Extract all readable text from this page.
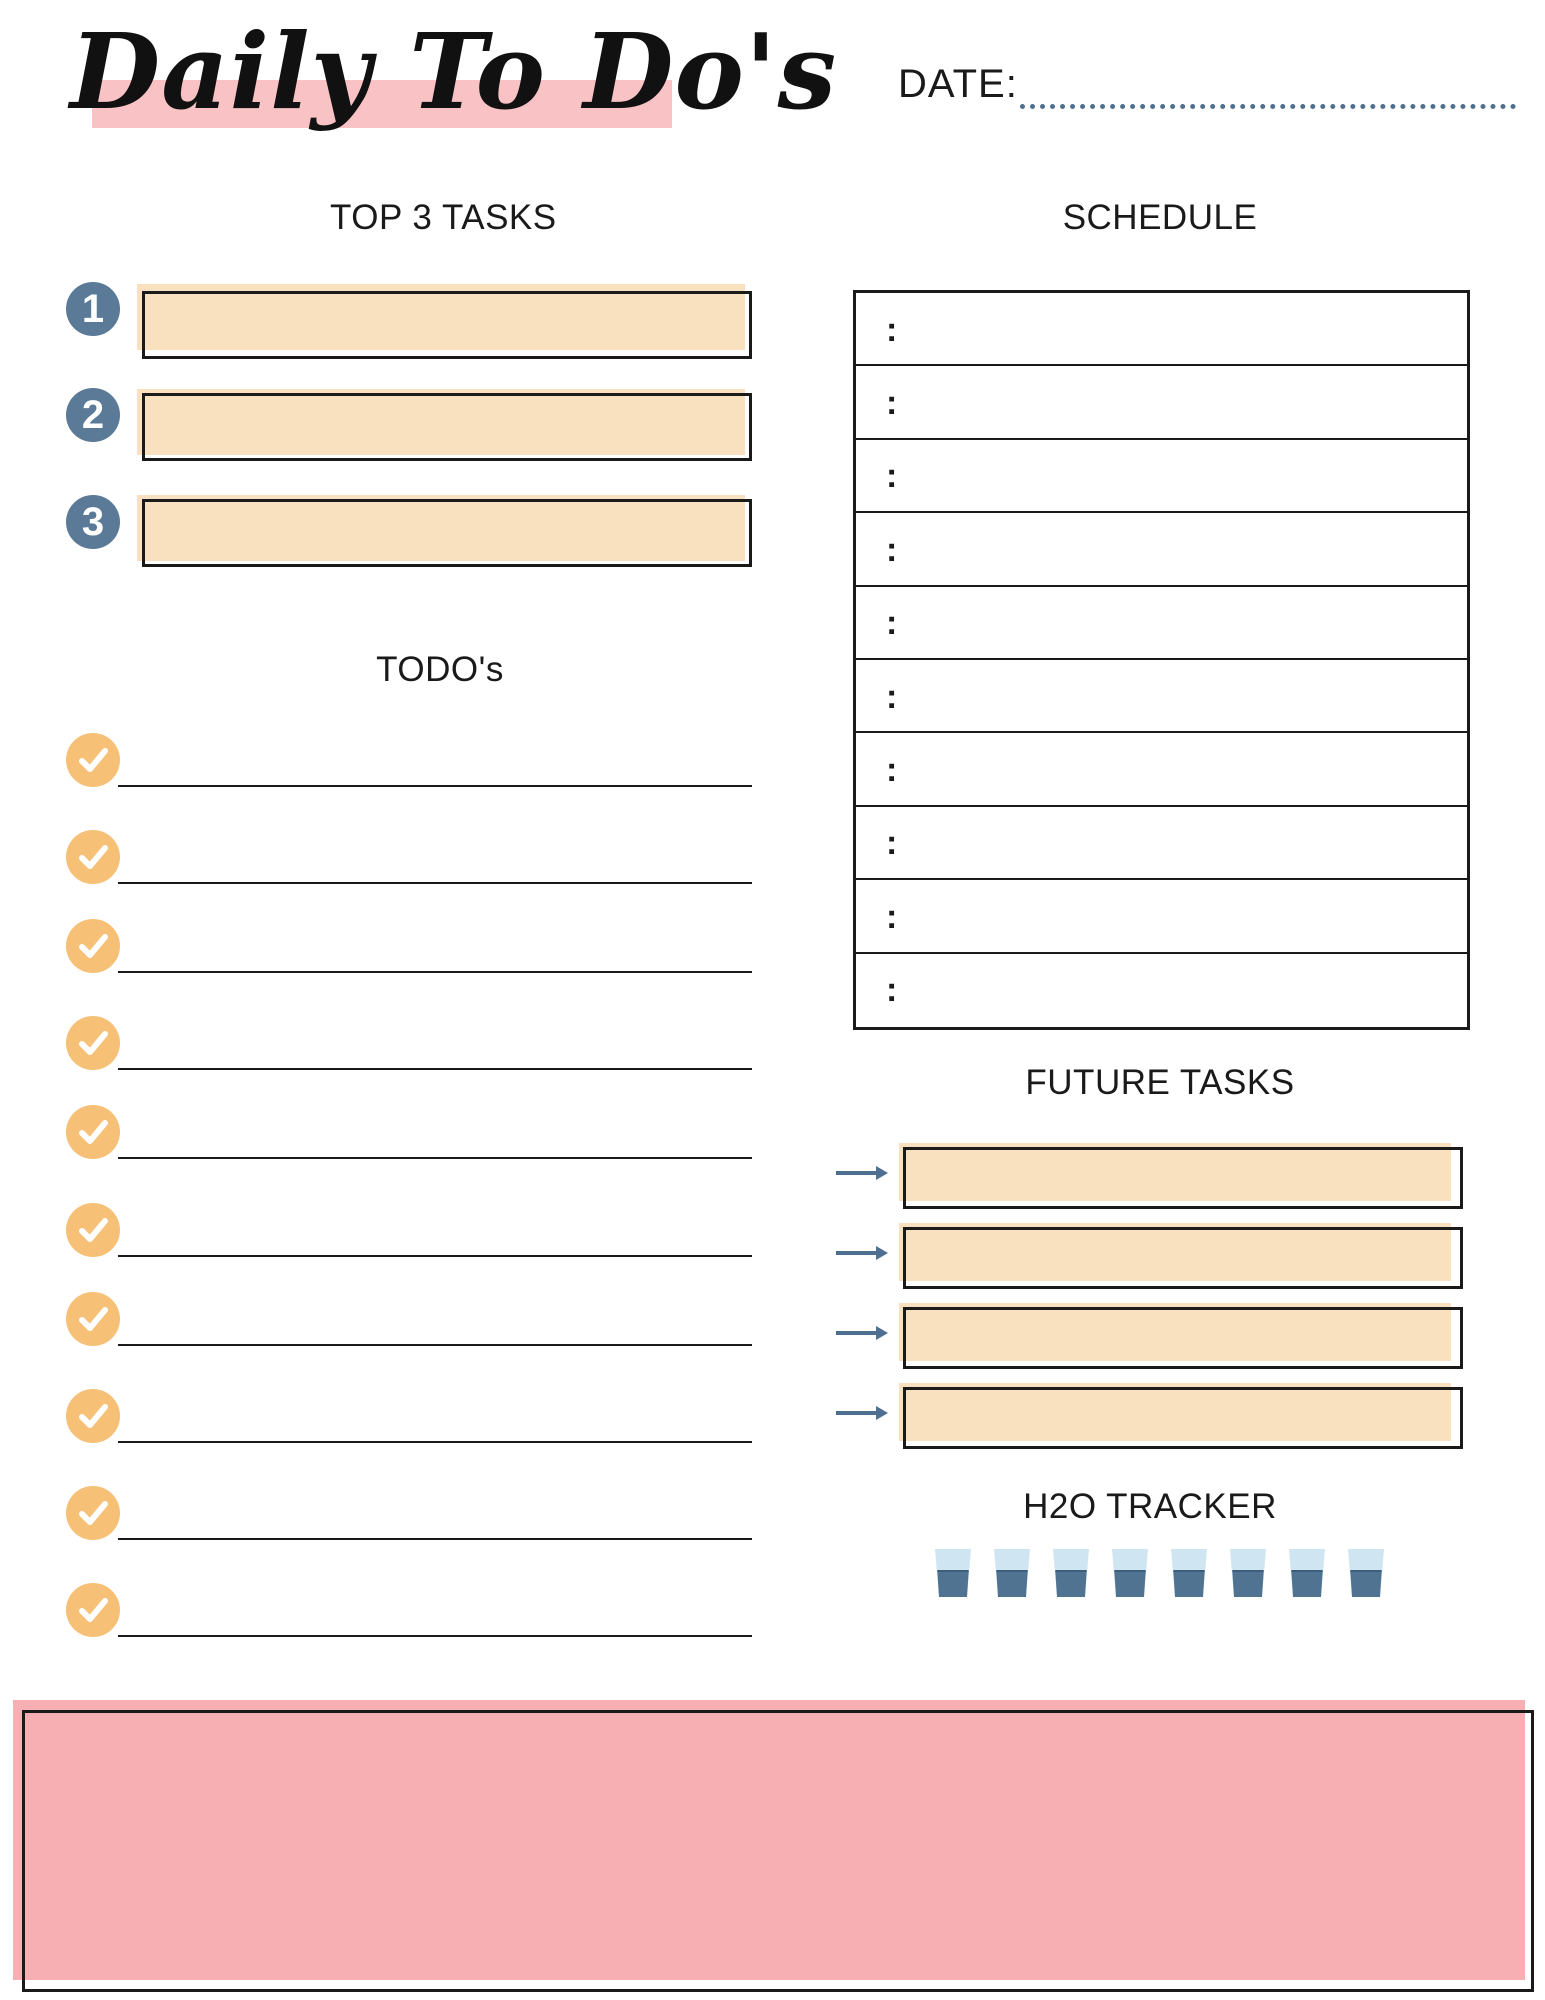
Daily To Do's DATE:
TOP 3 TASKS	SCHEDULE
TODO's
FUTURE TASKS
H2O TRACKER
1
2
3
:
:
:
:
:
:
:
:
:
:
